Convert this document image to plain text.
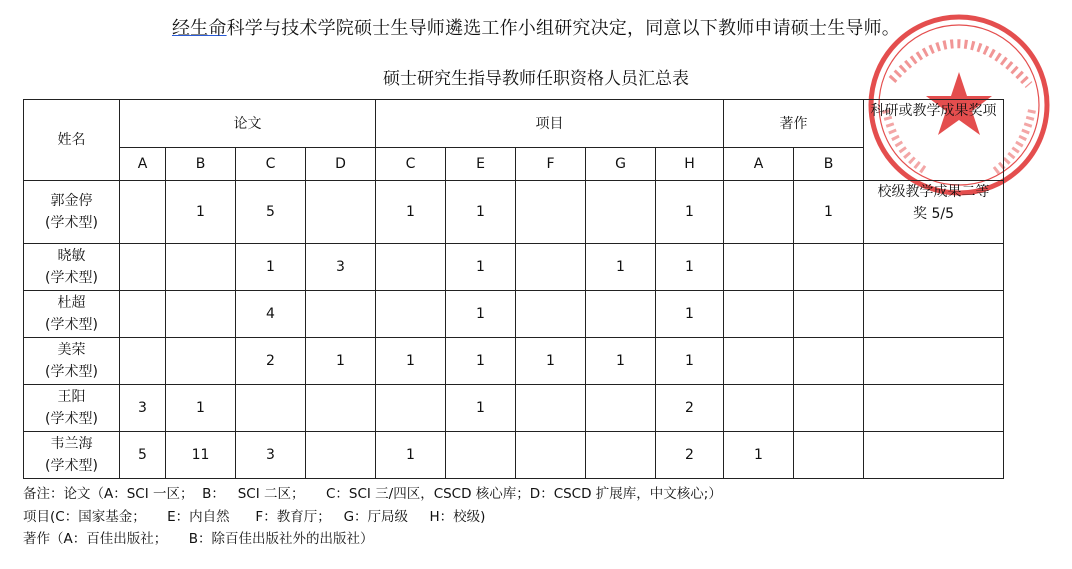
经生命科学与技术学院硕士生导师遴选工作小组研究决定，同意以下教师申请硕士生导师。
硕士研究生指导教师任职资格人员汇总表
姓名	论文				项目					著作		科研或教学成果奖项
	A	B	C	D	C	E	F	G	H	A	B	

郭金停
(学术型)		1	5		1	1			1		1	校级教学成果二等奖 5/5

晓敏
(学术型)			1	3		1		1	1			

杜超
(学术型)			4			1			1			

美荣
(学术型)			2	1	1	1	1	1	1			

王阳
(学术型)	3	1				1			2			

韦兰海
(学术型)	5	11	3		1				2	1		
备注：论文（A：SCI 一区；  B：   SCI 二区；     C：SCI 三/四区，CSCD 核心库；D：CSCD 扩展库，中文核心;）
项目(C：国家基金；     E：内自然      F：教育厅；   G：厅局级     H：校级)
著作（A：百佳出版社；     B：除百佳出版社外的出版社）
